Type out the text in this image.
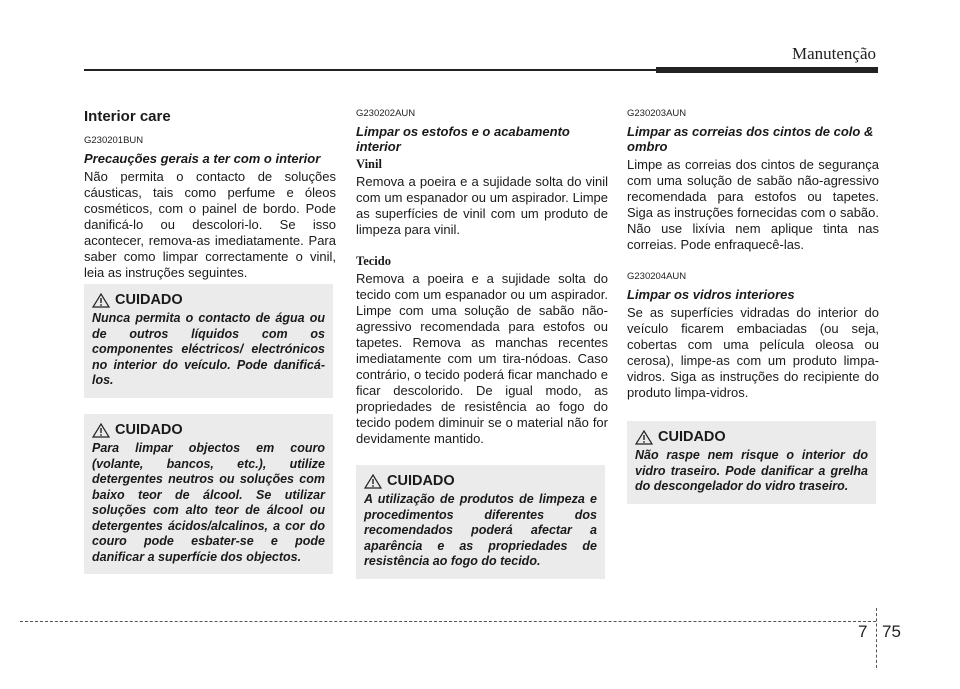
Manutenção
Interior care
G230201BUN
Precauções gerais a ter com o interior

Não permita o contacto de soluções cáusticas, tais como perfume e óleos cosméticos, com o painel de bordo. Pode danificá-lo ou descolori-lo. Se isso acontecer, remova-as imediatamente. Para saber como limpar correctamente o vinil, leia as instruções seguintes.

CUIDADO

Nunca permita o contacto de água ou de outros líquidos com os componentes eléctricos/ electrónicos no interior do veículo. Pode danificá-los.

CUIDADO

Para limpar objectos em couro (volante, bancos, etc.), utilize detergentes neutros ou soluções com baixo teor de álcool. Se utilizar soluções com alto teor de álcool ou detergentes ácidos/alcalinos, a cor do couro pode esbater-se e pode danificar a superfície dos objectos.

G230202AUN
Limpar os estofos e o acabamento interior
Vinil

Remova a poeira e a sujidade solta do vinil com um espanador ou um aspirador. Limpe as superfícies de vinil com um produto de limpeza para vinil.

Tecido

Remova a poeira e a sujidade solta do tecido com um espanador ou um aspirador. Limpe com uma solução de sabão não-agressivo recomendada para estofos ou tapetes. Remova as manchas recentes imediatamente com um tira-nódoas. Caso contrário, o tecido poderá ficar manchado e ficar descolorido. De igual modo, as propriedades de resistência ao fogo do tecido podem diminuir se o material não for devidamente mantido.

CUIDADO

A utilização de produtos de limpeza e procedimentos diferentes dos recomendados poderá afectar a aparência e as propriedades de resistência ao fogo do tecido.

G230203AUN
Limpar as correias dos cintos de colo & ombro

Limpe as correias dos cintos de segurança com uma solução de sabão não-agressivo recomendada para estofos ou tapetes. Siga as instruções fornecidas com o sabão. Não use lixívia nem aplique tinta nas correias. Pode enfraquecê-las.

G230204AUN
Limpar os vidros interiores

Se as superfícies vidradas do interior do veículo ficarem embaciadas (ou seja, cobertas com uma película oleosa ou cerosa), limpe-as com um produto limpa-vidros. Siga as instruções do recipiente do produto limpa-vidros.

CUIDADO

Não raspe nem risque o interior do vidro traseiro. Pode danificar a grelha do descongelador do vidro traseiro.

7 75
